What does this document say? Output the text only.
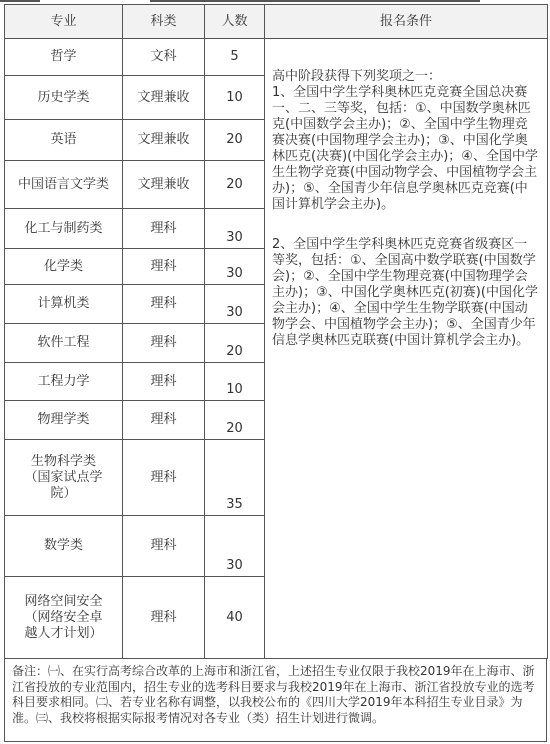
专业	科类	人数	报名条件
哲学	文科	5	高中阶段获得下列奖项之一：

1、全国中学生学科奥林匹克竞赛全国总决赛一、二、三等奖，包括：①、中国数学奥林匹克(中国数学会主办)；②、全国中学生物理竞赛决赛(中国物理学会主办)；③、中国化学奥林匹克(决赛)(中国化学会主办)；④、全国中学生生物学竞赛(中国动物学会、中国植物学会主办)；⑤、全国青少年信息学奥林匹克竞赛(中国计算机学会主办)。

2、全国中学生学科奥林匹克竞赛省级赛区一等奖，包括：①、全国高中数学联赛(中国数学会)；②、全国中学生物理竞赛(中国物理学会主办)；③、中国化学奥林匹克(初赛)(中国化学会主办)；④、全国中学生生物学联赛(中国动物学会、中国植物学会主办)；⑤、全国青少年信息学奥林匹克联赛(中国计算机学会主办)。

历史学类	文理兼收	10	
英语	文理兼收	20	
中国语言文学类	文理兼收	20	
化工与制药类	理科	30	
化学类	理科	30	
计算机类	理科	30	
软件工程	理科	20	
工程力学	理科	10	
物理学类	理科	20	
生物科学类（国家试点学院）	理科	35	
数学类	理科	30	
网络空间安全（网络安全卓越人才计划）	理科	40	
备注：㈠、在实行高考综合改革的上海市和浙江省，上述招生专业仅限于我校2019年在上海市、浙江省投放的专业范围内，招生专业的选考科目要求与我校2019年在上海市、浙江省投放专业的选考科目要求相同。㈡、若专业名称有调整，以我校公布的《四川大学2019年本科招生专业目录》为准。㈢、我校将根据实际报考情况对各专业（类）招生计划进行微调。
